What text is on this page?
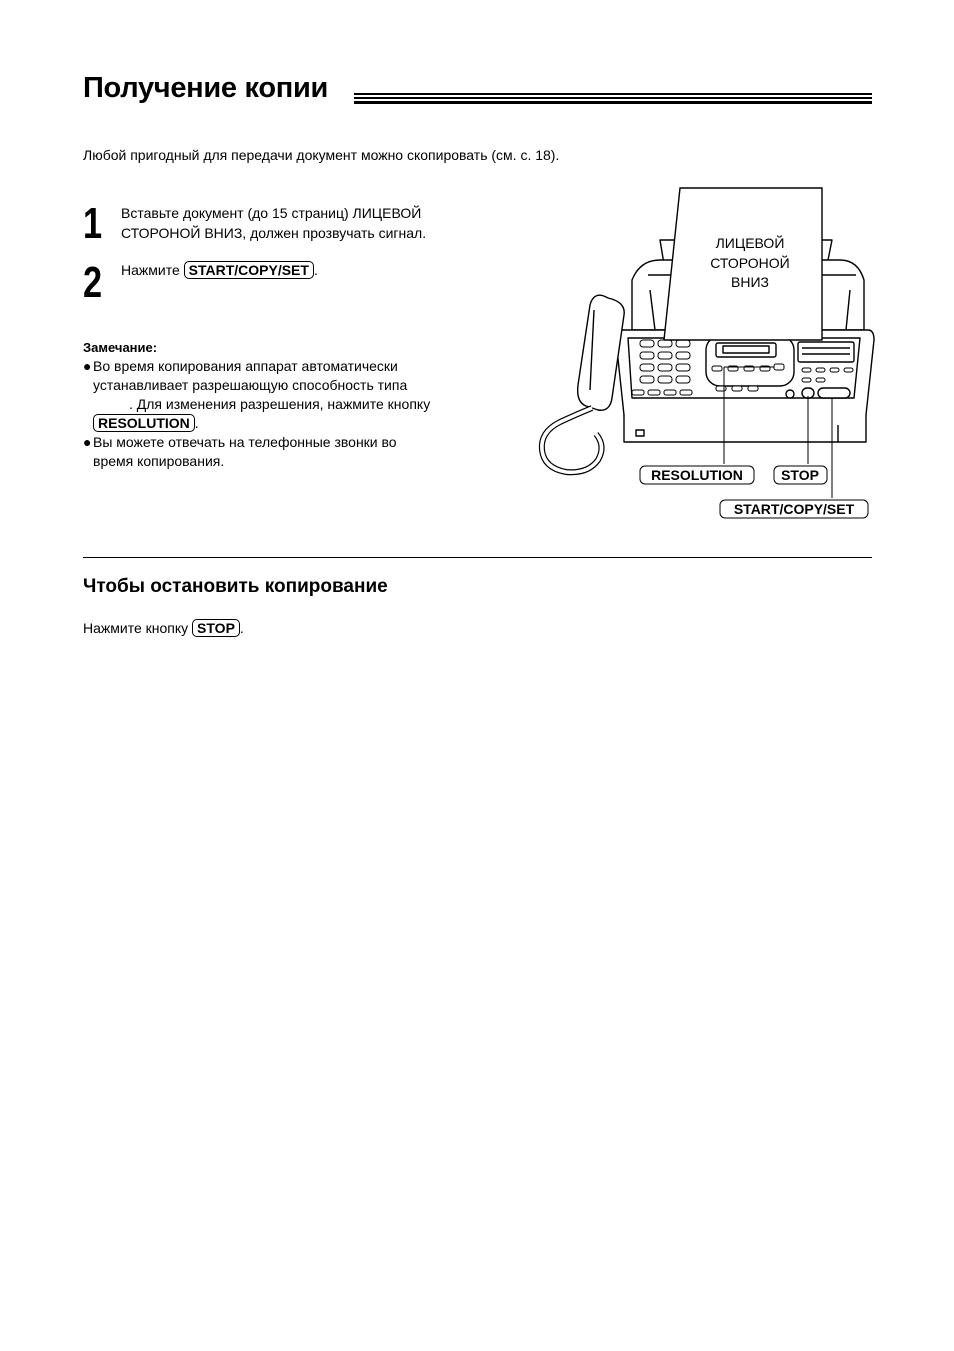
Получение копии
Любой пригодный для передачи документ можно скопировать (см. с. 18).
1 Вставьте документ (до 15 страниц) ЛИЦЕВОЙ
СТОРОНОЙ ВНИЗ, должен прозвучать сигнал.
2 Нажмите START/COPY/SET .
Замечание:
● Во время копирования аппарат автоматически
устанавливает разрешающую способность типа
. Для изменения разрешения, нажмите кнопку
RESOLUTION .
● Вы можете отвечать на телефонные звонки во
время копирования.
ЛИЦЕВОЙ
СТОРОНОЙ
ВНИЗ
RESOLUTION	STOP
START/COPY/SET
Чтобы остановить копирование
Нажмите кнопку STOP .
